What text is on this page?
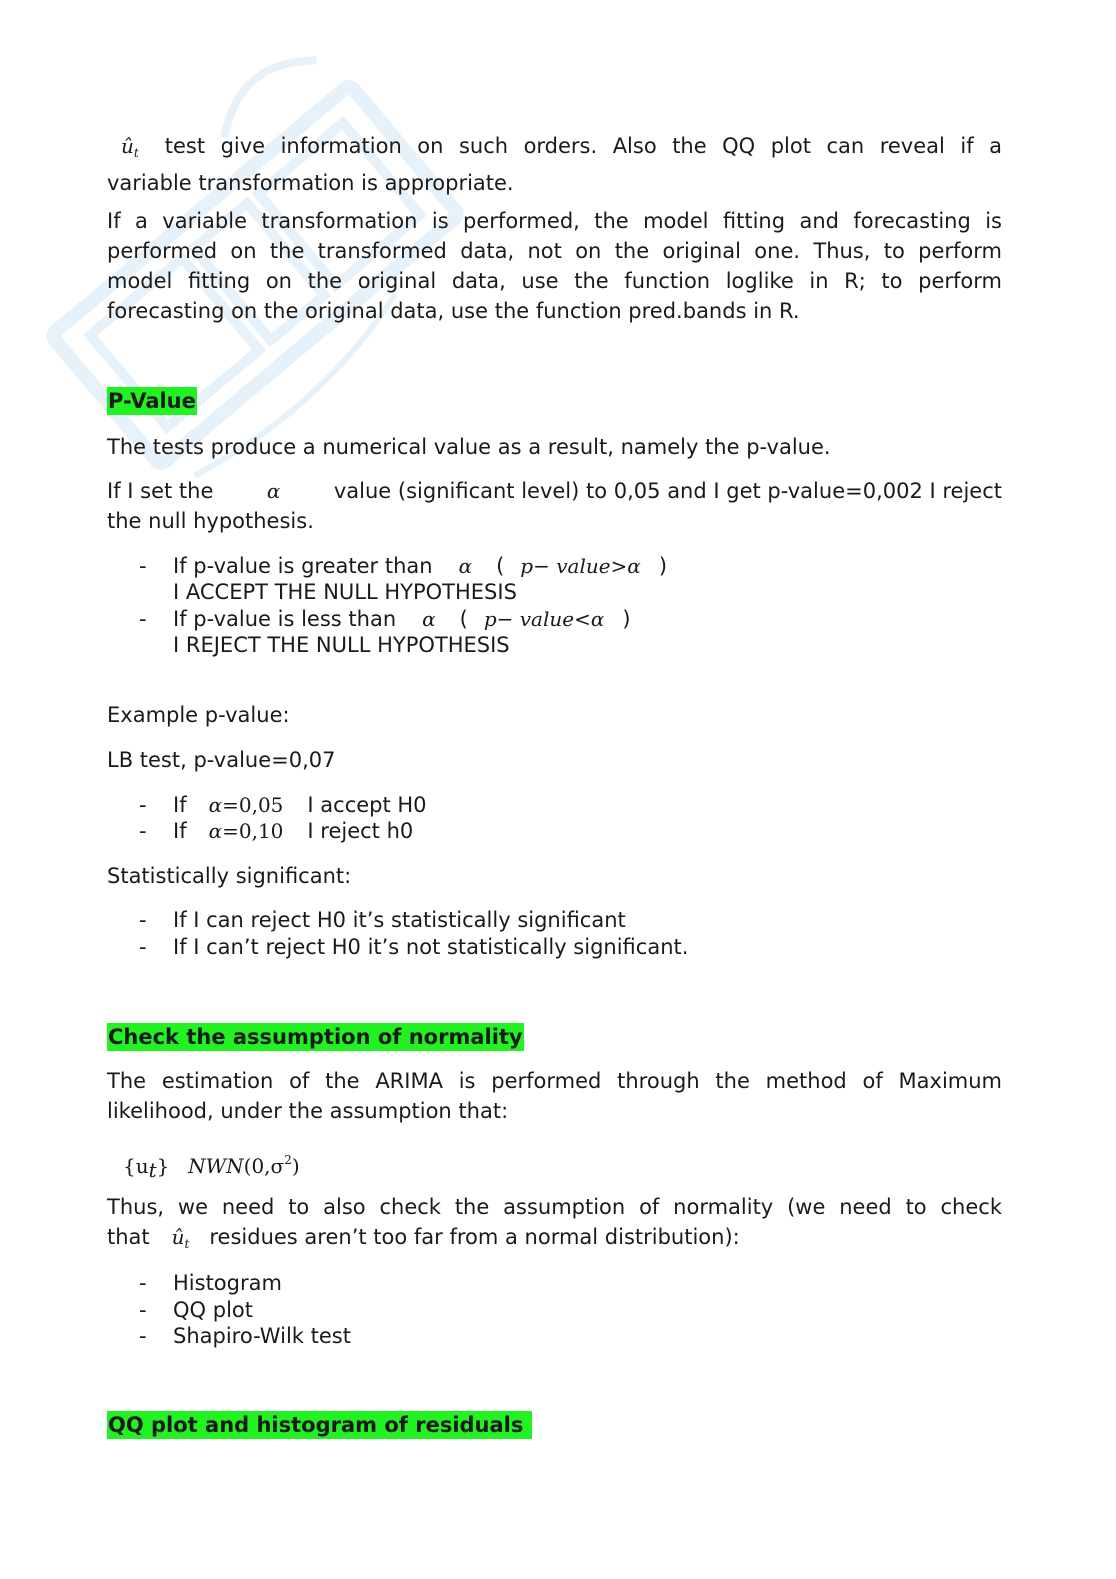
$û_t$ test give information on such orders. Also the QQ plot can reveal if a
variable transformation is appropriate.
If a variable transformation is performed, the model fitting and forecasting is
performed on the transformed data, not on the original one. Thus, to perform
model fitting on the original data, use the function loglike in R; to perform
forecasting on the original data, use the function pred.bands in R.
P-Value
The tests produce a numerical value as a result, namely the p-value.
If I set the	α	value (significant level) to 0,05 and I get p-value=0,002 I reject
the null hypothesis.
- If p-value is greater than α ( p− value>α )
I ACCEPT THE NULL HYPOTHESIS
- If p-value is less than α ( p− value<α )
I REJECT THE NULL HYPOTHESIS
Example p-value:
LB test, p-value=0,07
- If α=0,05 I accept H0
- If α=0,10 I reject h0
Statistically significant:
- If I can reject H0 it’s statistically significant
- If I can’t reject H0 it’s not statistically significant.
Check the assumption of normality
The estimation of the ARIMA is performed through the method of Maximum
likelihood, under the assumption that:
$\{u_t\}$ $NWN(0,\sigma^2)$
Thus, we need to also check the assumption of normality (we need to check
that $û_t$ residues aren’t too far from a normal distribution):
- Histogram
- QQ plot
- Shapiro-Wilk test
QQ plot and histogram of residuals
